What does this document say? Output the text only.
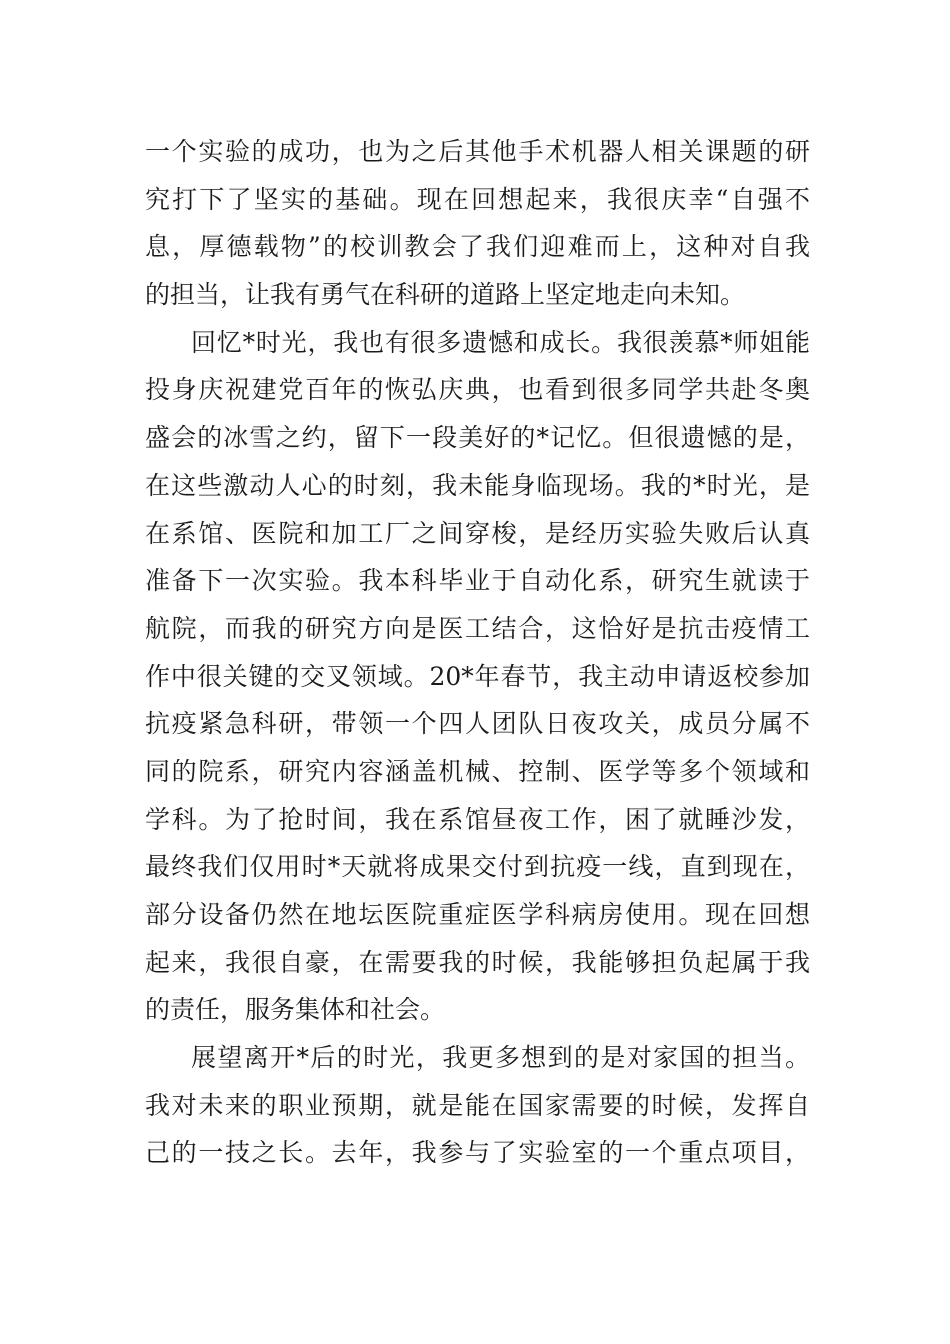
一个实验的成功，也为之后其他手术机器人相关课题的研
究打下了坚实的基础。现在回想起来，我很庆幸“自强不
息，厚德载物”的校训教会了我们迎难而上，这种对自我
的担当，让我有勇气在科研的道路上坚定地走向未知。
回忆*时光，我也有很多遗憾和成长。我很羡慕*师姐能
投身庆祝建党百年的恢弘庆典，也看到很多同学共赴冬奥
盛会的冰雪之约，留下一段美好的*记忆。但很遗憾的是，
在这些激动人心的时刻，我未能身临现场。我的*时光，是
在系馆、医院和加工厂之间穿梭，是经历实验失败后认真
准备下一次实验。我本科毕业于自动化系，研究生就读于
航院，而我的研究方向是医工结合，这恰好是抗击疫情工
作中很关键的交叉领域。20*年春节，我主动申请返校参加
抗疫紧急科研，带领一个四人团队日夜攻关，成员分属不
同的院系，研究内容涵盖机械、控制、医学等多个领域和
学科。为了抢时间，我在系馆昼夜工作，困了就睡沙发，
最终我们仅用时*天就将成果交付到抗疫一线，直到现在，
部分设备仍然在地坛医院重症医学科病房使用。现在回想
起来，我很自豪，在需要我的时候，我能够担负起属于我
的责任，服务集体和社会。
展望离开*后的时光，我更多想到的是对家国的担当。
我对未来的职业预期，就是能在国家需要的时候，发挥自
己的一技之长。去年，我参与了实验室的一个重点项目，
